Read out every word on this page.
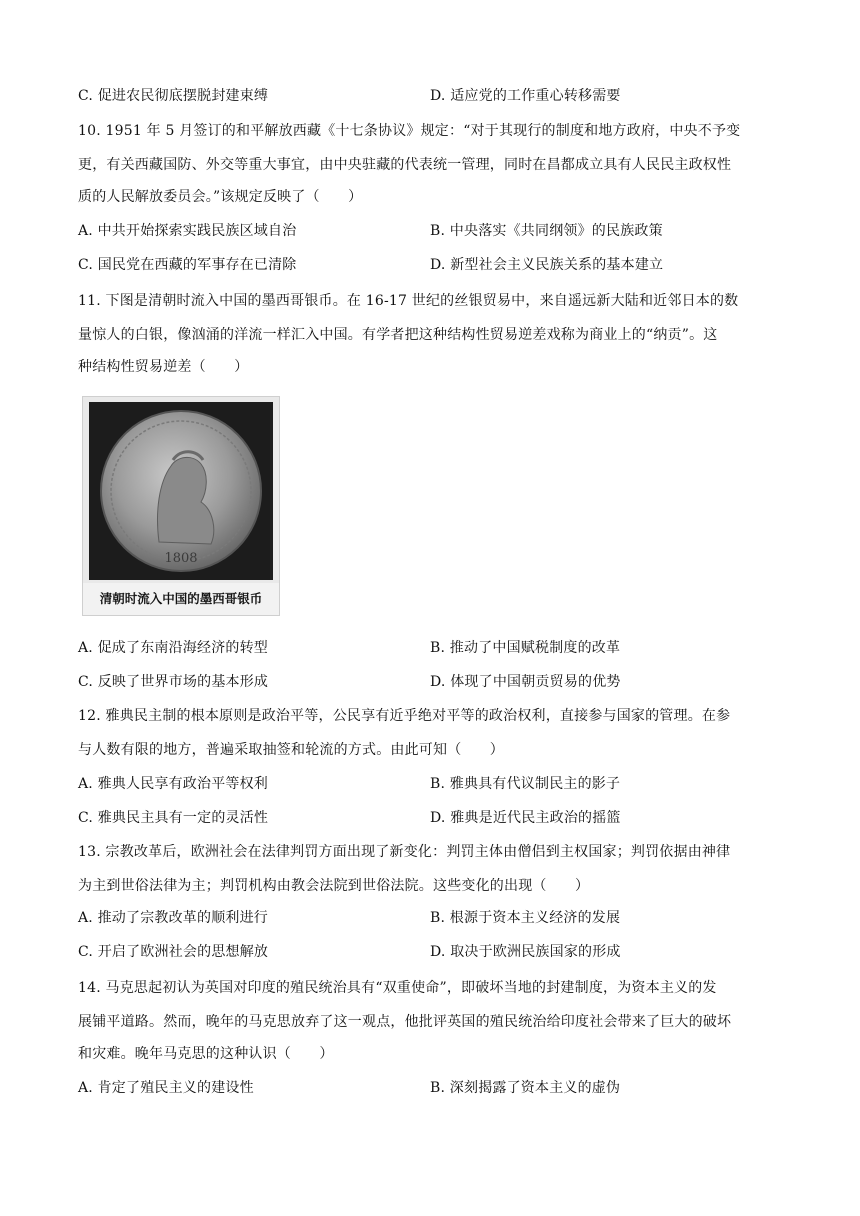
C. 促进农民彻底摆脱封建束缚	D. 适应党的工作重心转移需要
10. 1951 年 5 月签订的和平解放西藏《十七条协议》规定：“对于其现行的制度和地方政府，中央不予变
更，有关西藏国防、外交等重大事宜，由中央驻藏的代表统一管理，同时在昌都成立具有人民民主政权性
质的人民解放委员会。”该规定反映了（　　）
A. 中共开始探索实践民族区域自治	B. 中央落实《共同纲领》的民族政策
C. 国民党在西藏的军事存在已清除	D. 新型社会主义民族关系的基本建立
11. 下图是清朝时流入中国的墨西哥银币。在 16-17 世纪的丝银贸易中，来自遥远新大陆和近邻日本的数
量惊人的白银，像汹涌的洋流一样汇入中国。有学者把这种结构性贸易逆差戏称为商业上的“纳贡”。这
种结构性贸易逆差（　　）
A. 促成了东南沿海经济的转型	B. 推动了中国赋税制度的改革
C. 反映了世界市场的基本形成	D. 体现了中国朝贡贸易的优势
12. 雅典民主制的根本原则是政治平等，公民享有近乎绝对平等的政治权利，直接参与国家的管理。在参
与人数有限的地方，普遍采取抽签和轮流的方式。由此可知（　　）
A. 雅典人民享有政治平等权利	B. 雅典具有代议制民主的影子
C. 雅典民主具有一定的灵活性	D. 雅典是近代民主政治的摇篮
13. 宗教改革后，欧洲社会在法律判罚方面出现了新变化：判罚主体由僧侣到主权国家；判罚依据由神律
为主到世俗法律为主；判罚机构由教会法院到世俗法院。这些变化的出现（　　）
A. 推动了宗教改革的顺利进行	B. 根源于资本主义经济的发展
C. 开启了欧洲社会的思想解放	D. 取决于欧洲民族国家的形成
14. 马克思起初认为英国对印度的殖民统治具有“双重使命”，即破坏当地的封建制度，为资本主义的发
展铺平道路。然而，晚年的马克思放弃了这一观点，他批评英国的殖民统治给印度社会带来了巨大的破坏
和灾难。晚年马克思的这种认识（　　）
A. 肯定了殖民主义的建设性	B. 深刻揭露了资本主义的虚伪
1808
清朝时流入中国的墨西哥银币
